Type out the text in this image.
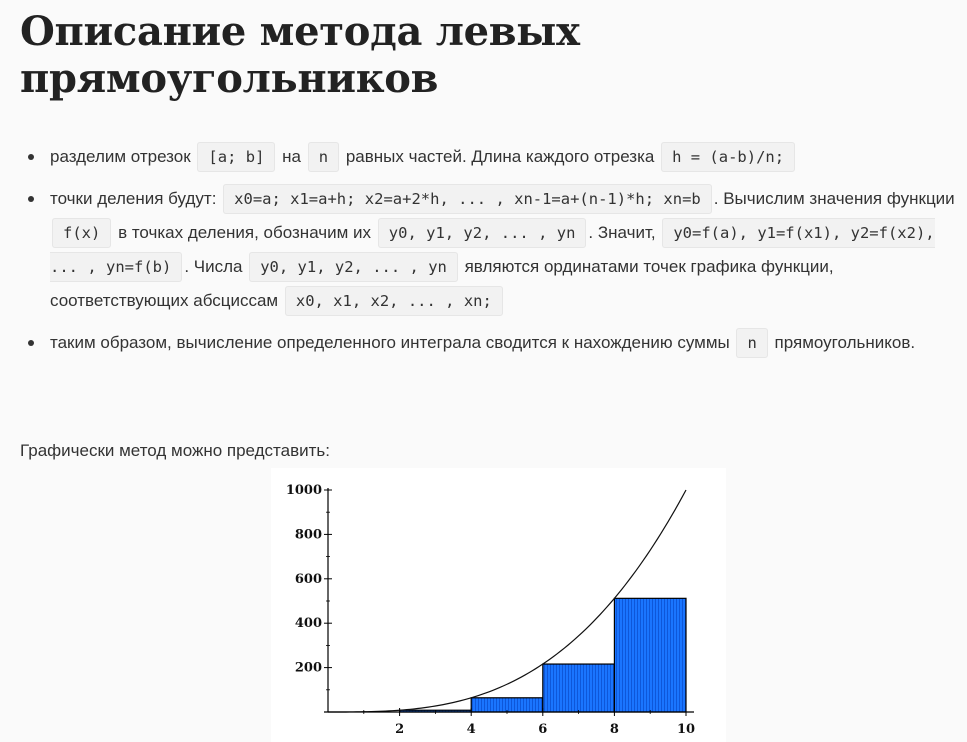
Описание метода левых
прямоугольников
разделим отрезок [a; b] на n равных частей. Длина каждого отрезка h = (a-b)/n;
точки деления будут: x0=a; x1=a+h; x2=a+2*h, ... , xn-1=a+(n-1)*h; xn=b . Вычислим значения функции f(x) в точках деления, обозначим их y0, y1, y2, ... , yn . Значит, y0=f(a), y1=f(x1), y2=f(x2), ... , yn=f(b) . Числа y0, y1, y2, ... , yn являются ординатами точек графика функции, соответствующих абсциссам x0, x1, x2, ... , xn;
таким образом, вычисление определенного интеграла сводится к нахождению суммы n прямоугольников.

Графически метод можно представить:

200
400
600
800
1000
2	4	6	8	10
